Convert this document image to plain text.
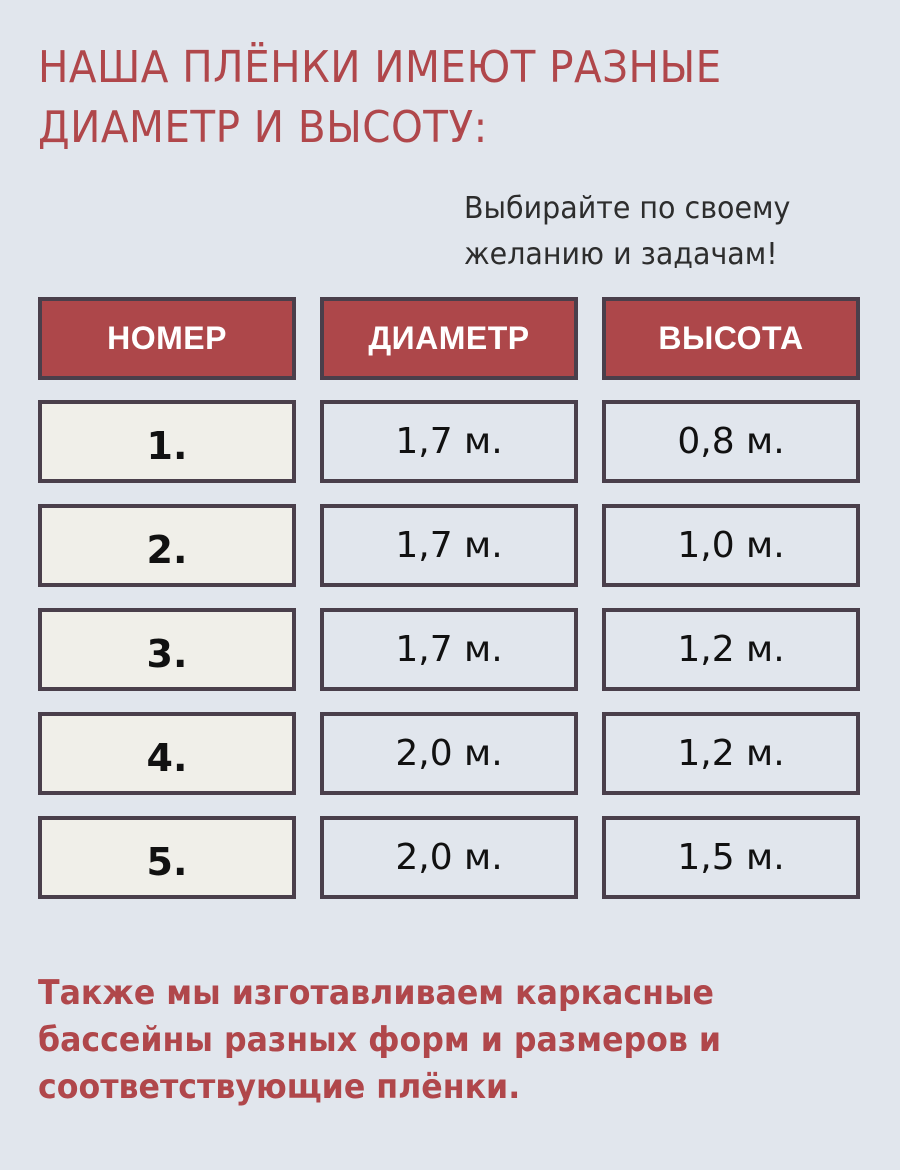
НАША ПЛЁНКИ ИМЕЮТ РАЗНЫЕ ДИАМЕТР И ВЫСОТУ:

Выбирайте по своему желанию и задачам!

НОМЕР	ДИАМЕТР	ВЫСОТА
1.	1,7 м.	0,8 м.
2.	1,7 м.	1,0 м.
3.	1,7 м.	1,2 м.
4.	2,0 м.	1,2 м.
5.	2,0 м.	1,5 м.

Также мы изготавливаем каркасные бассейны разных форм и размеров и соответствующие плёнки.
